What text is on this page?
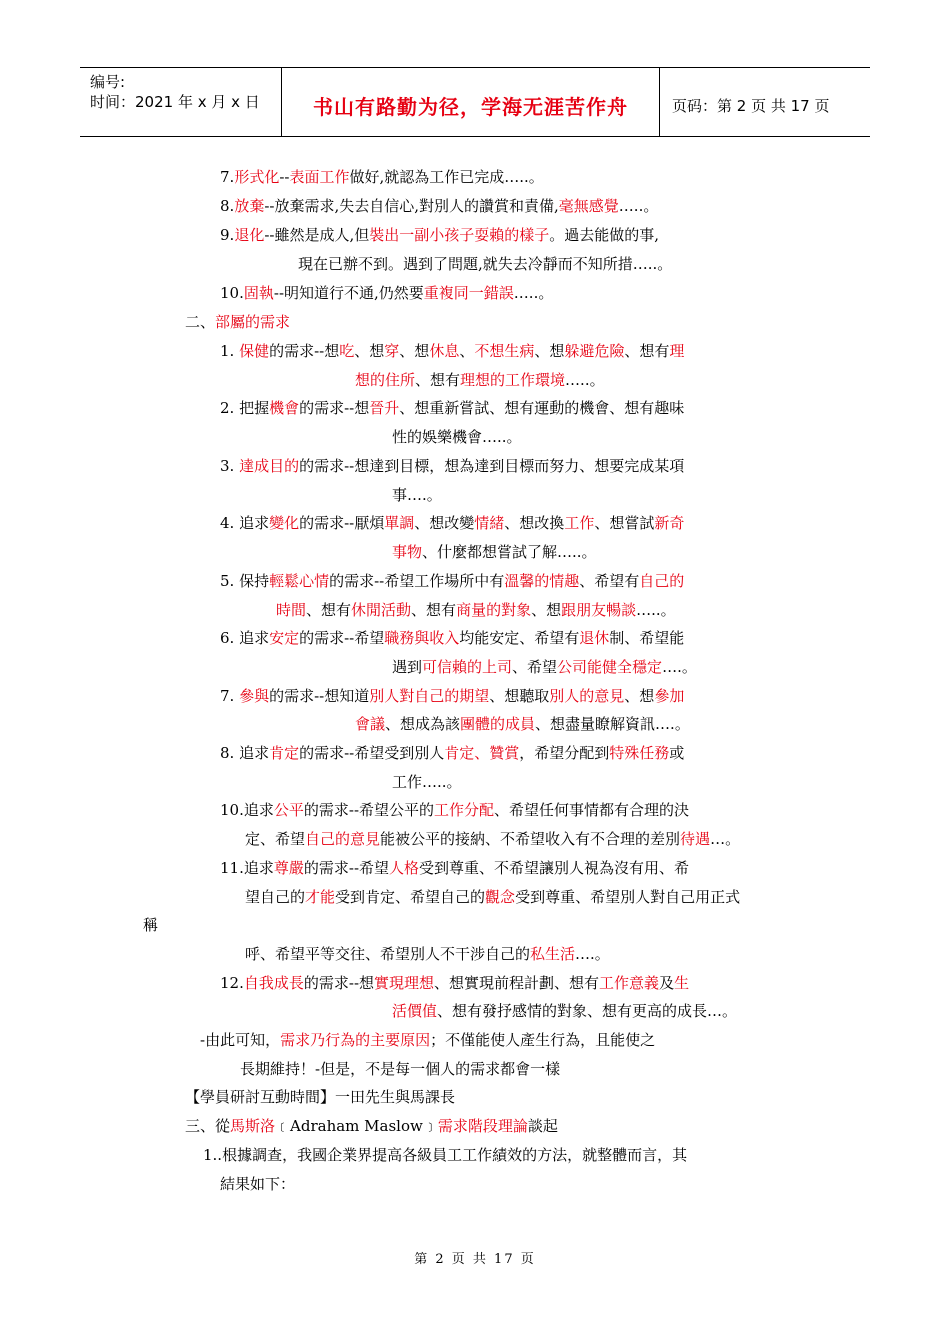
编号:
时间：2021 年 x 月 x 日	书山有路勤为径，学海无涯苦作舟	页码：第 2 页 共 17 页
7.形式化--表面工作做好,就認為工作已完成…..。
8.放棄--放棄需求,失去自信心,對別人的讚賞和責備,毫無感覺…..。
9.退化--雖然是成人,但裝出一副小孩子耍賴的樣子。過去能做的事,
現在已辦不到。遇到了問題,就失去冷靜而不知所措…..。
10.固執--明知道行不通,仍然要重複同一錯誤…..。
二、部屬的需求
1. 保健的需求--想吃、想穿、想休息、不想生病、想躲避危險、想有理
想的住所、想有理想的工作環境…..。
2. 把握機會的需求--想晉升、想重新嘗試、想有運動的機會、想有趣味
性的娛樂機會…..。
3. 達成目的的需求--想達到目標，想為達到目標而努力、想要完成某項
事….。
4. 追求變化的需求--厭煩單調、想改變情緒、想改換工作、想嘗試新奇
事物、什麼都想嘗試了解…..。
5. 保持輕鬆心情的需求--希望工作場所中有溫馨的情趣、希望有自己的
時間、想有休閒活動、想有商量的對象、想跟朋友暢談…..。
6. 追求安定的需求--希望職務與收入均能安定、希望有退休制、希望能
遇到可信賴的上司、希望公司能健全穩定….。
7. 參與的需求--想知道別人對自己的期望、想聽取別人的意見、想參加
會議、想成為該團體的成員、想盡量瞭解資訊….。
8. 追求肯定的需求--希望受到別人肯定、贊賞，希望分配到特殊任務或
工作…..。
10.追求公平的需求--希望公平的工作分配、希望任何事情都有合理的決
定、希望自己的意見能被公平的接納、不希望收入有不合理的差別待遇…。
11.追求尊嚴的需求--希望人格受到尊重、不希望讓別人視為沒有用、希
望自己的才能受到肯定、希望自己的觀念受到尊重、希望別人對自己用正式
稱
呼、希望平等交往、希望別人不干涉自己的私生活….。
12.自我成長的需求--想實現理想、想實現前程計劃、想有工作意義及生
活價值、想有發抒感情的對象、想有更高的成長…。
-由此可知，需求乃行為的主要原因；不僅能使人產生行為，且能使之
長期維持！-但是，不是每一個人的需求都會一樣
【學員研討互動時間】一田先生與馬課長
三、從馬斯洛﹝Adraham Maslow﹞需求階段理論談起
1..根據調查，我國企業界提高各級員工工作績效的方法，就整體而言，其
結果如下：
第 2 页 共 17 页
